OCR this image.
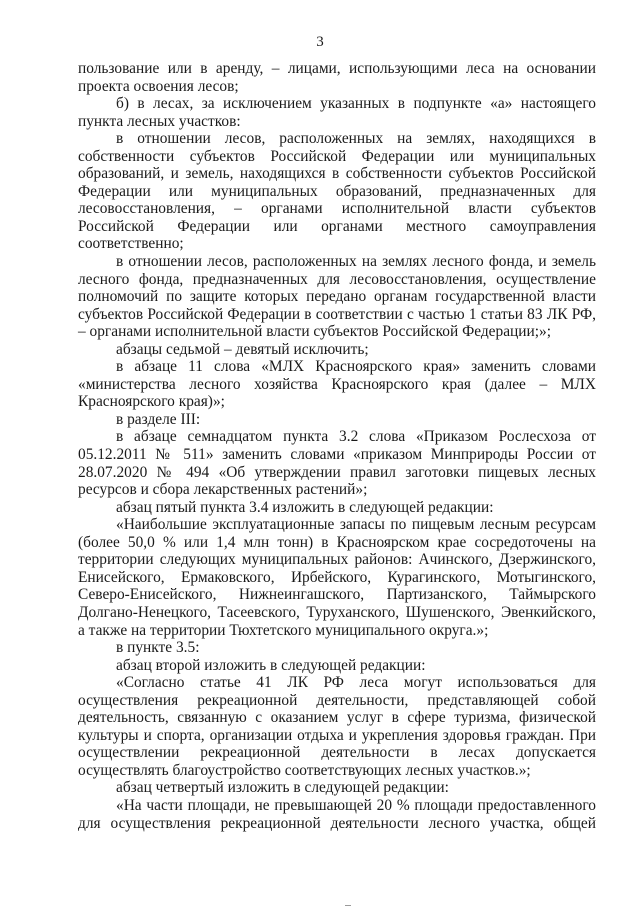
3

пользование или в аренду, – лицами, использующими леса на основании проекта освоения лесов;

б) в лесах, за исключением указанных в подпункте «а» настоящего пункта лесных участков:

в отношении лесов, расположенных на землях, находящихся в собственности субъектов Российской Федерации или муниципальных образований, и земель, находящихся в собственности субъектов Российской Федерации или муниципальных образований, предназначенных для лесовосстановления, – органами исполнительной власти субъектов Российской Федерации или органами местного самоуправления соответственно;

в отношении лесов, расположенных на землях лесного фонда, и земель лесного фонда, предназначенных для лесовосстановления, осуществление полномочий по защите которых передано органам государственной власти субъектов Российской Федерации в соответствии с частью 1 статьи 83 ЛК РФ, – органами исполнительной власти субъектов Российской Федерации;»;

абзацы седьмой – девятый исключить;

в абзаце 11 слова «МЛХ Красноярского края» заменить словами «министерства лесного хозяйства Красноярского края (далее – МЛХ Красноярского края)»;

в разделе III:

в абзаце семнадцатом пункта 3.2 слова «Приказом Рослесхоза от 05.12.2011 № 511» заменить словами «приказом Минприроды России от 28.07.2020 № 494 «Об утверждении правил заготовки пищевых лесных ресурсов и сбора лекарственных растений»;

абзац пятый пункта 3.4 изложить в следующей редакции:

«Наибольшие эксплуатационные запасы по пищевым лесным ресурсам (более 50,0 % или 1,4 млн тонн) в Красноярском крае сосредоточены на территории следующих муниципальных районов: Ачинского, Дзержинского, Енисейского, Ермаковского, Ирбейского, Курагинского, Мотыгинского, Северо-Енисейского, Нижнеингашского, Партизанского, Таймырского Долгано-Ненецкого, Тасеевского, Туруханского, Шушенского, Эвенкийского, а также на территории Тюхтетского муниципального округа.»;

в пункте 3.5:

абзац второй изложить в следующей редакции:

«Согласно статье 41 ЛК РФ леса могут использоваться для осуществления рекреационной деятельности, представляющей собой деятельность, связанную с оказанием услуг в сфере туризма, физической культуры и спорта, организации отдыха и укрепления здоровья граждан. При осуществлении рекреационной деятельности в лесах допускается осуществлять благоустройство соответствующих лесных участков.»;

абзац четвертый изложить в следующей редакции:

«На части площади, не превышающей 20 % площади предоставленного для осуществления рекреационной деятельности лесного участка, общей
